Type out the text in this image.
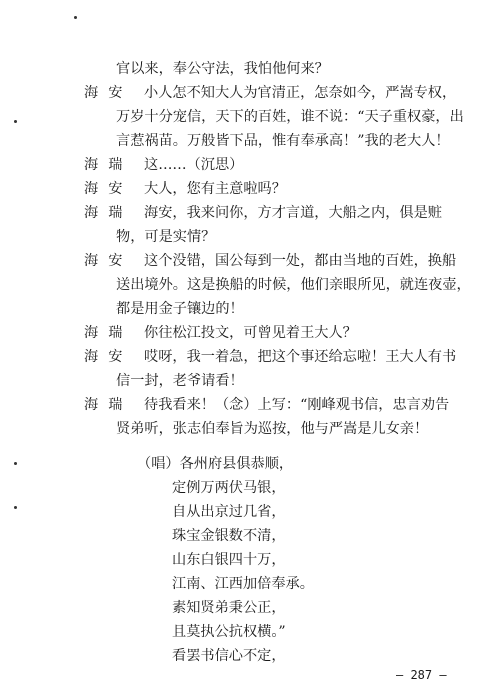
海安
海瑞
海安
海瑞
海安
海瑞
海安
海瑞
官以来，奉公守法，我怕他何来？
小人怎不知大人为官清正，怎奈如今，严嵩专权，
万岁十分宠信，天下的百姓，谁不说：“天子重权豪，出
言惹祸苗。万般皆下品，惟有奉承高！”我的老大人！
这……（沉思）
大人，您有主意啦吗？
海安，我来问你，方才言道，大船之内，俱是赃
物，可是实情？
这个没错，国公每到一处，都由当地的百姓，换船
送出境外。这是换船的时候，他们亲眼所见，就连夜壶，
都是用金子镶边的！
你往松江投文，可曾见着王大人？
哎呀，我一着急，把这个事还给忘啦！王大人有书
信一封，老爷请看！
待我看来！（念）上写：“刚峰观书信，忠言劝告
贤弟听，张志伯奉旨为巡按，他与严嵩是儿女亲！
（唱）各州府县俱恭顺，
定例万两伏马银，
自从出京过几省，
珠宝金银数不清，
山东白银四十万，
江南、江西加倍奉承。
素知贤弟秉公正，
且莫执公抗权横。”
看罢书信心不定，
— 287 —
